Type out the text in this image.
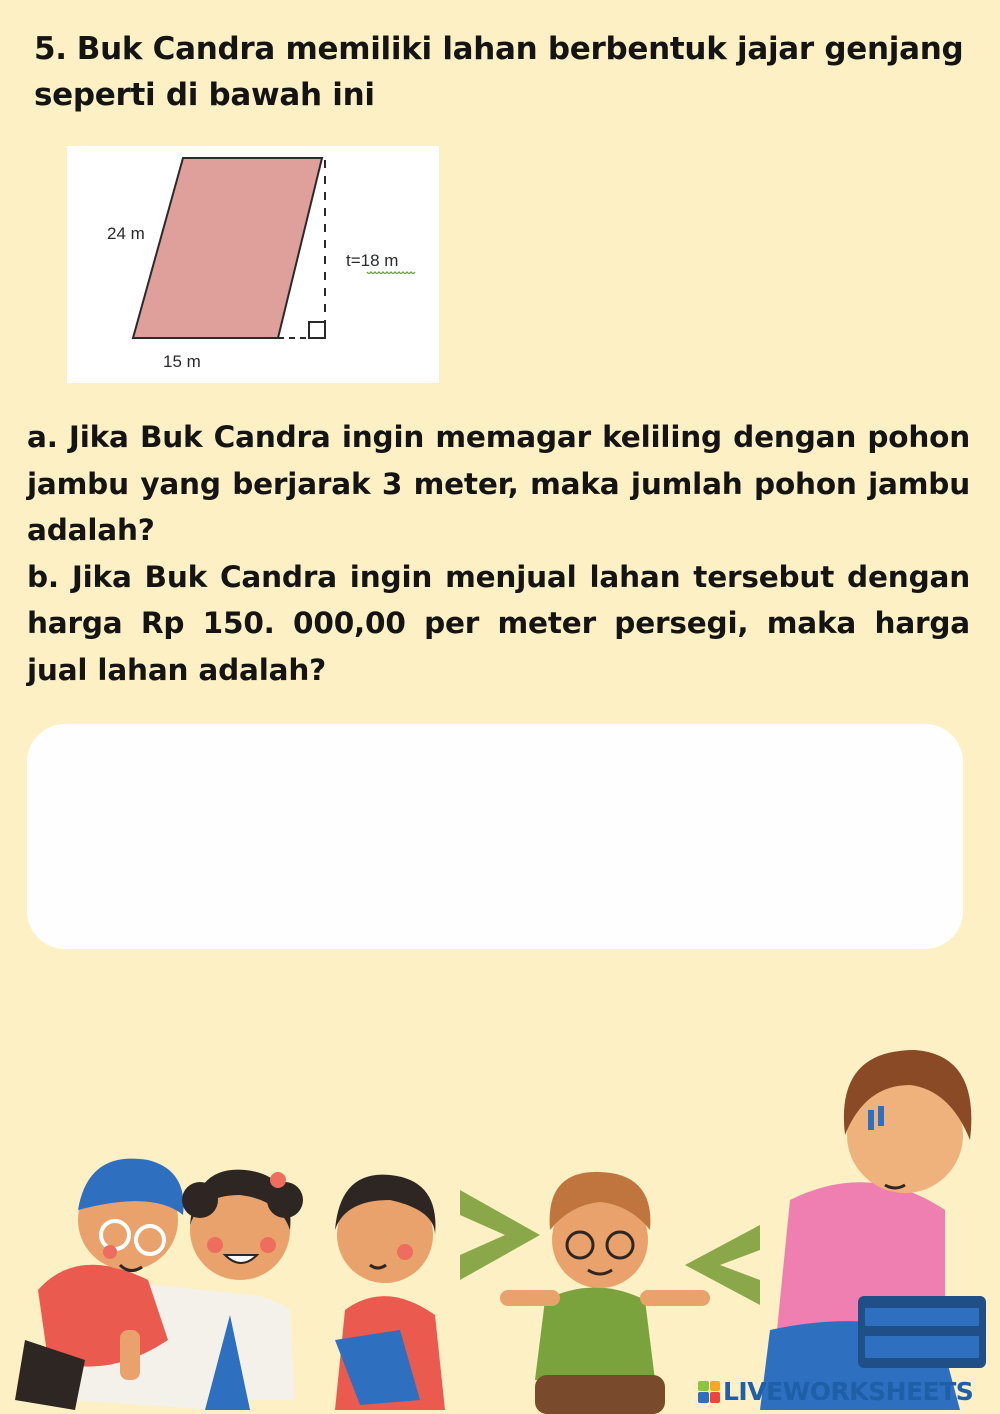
5. Buk Candra memiliki lahan berbentuk jajar genjang seperti di bawah ini

24 m
t=18 m
15 m

a. Jika Buk Candra ingin memagar keliling dengan pohon jambu yang berjarak 3 meter, maka jumlah pohon jambu adalah?

b. Jika Buk Candra ingin menjual lahan tersebut dengan harga Rp 150. 000,00 per meter persegi, maka harga jual lahan adalah?

LIVEWORKSHEETS
